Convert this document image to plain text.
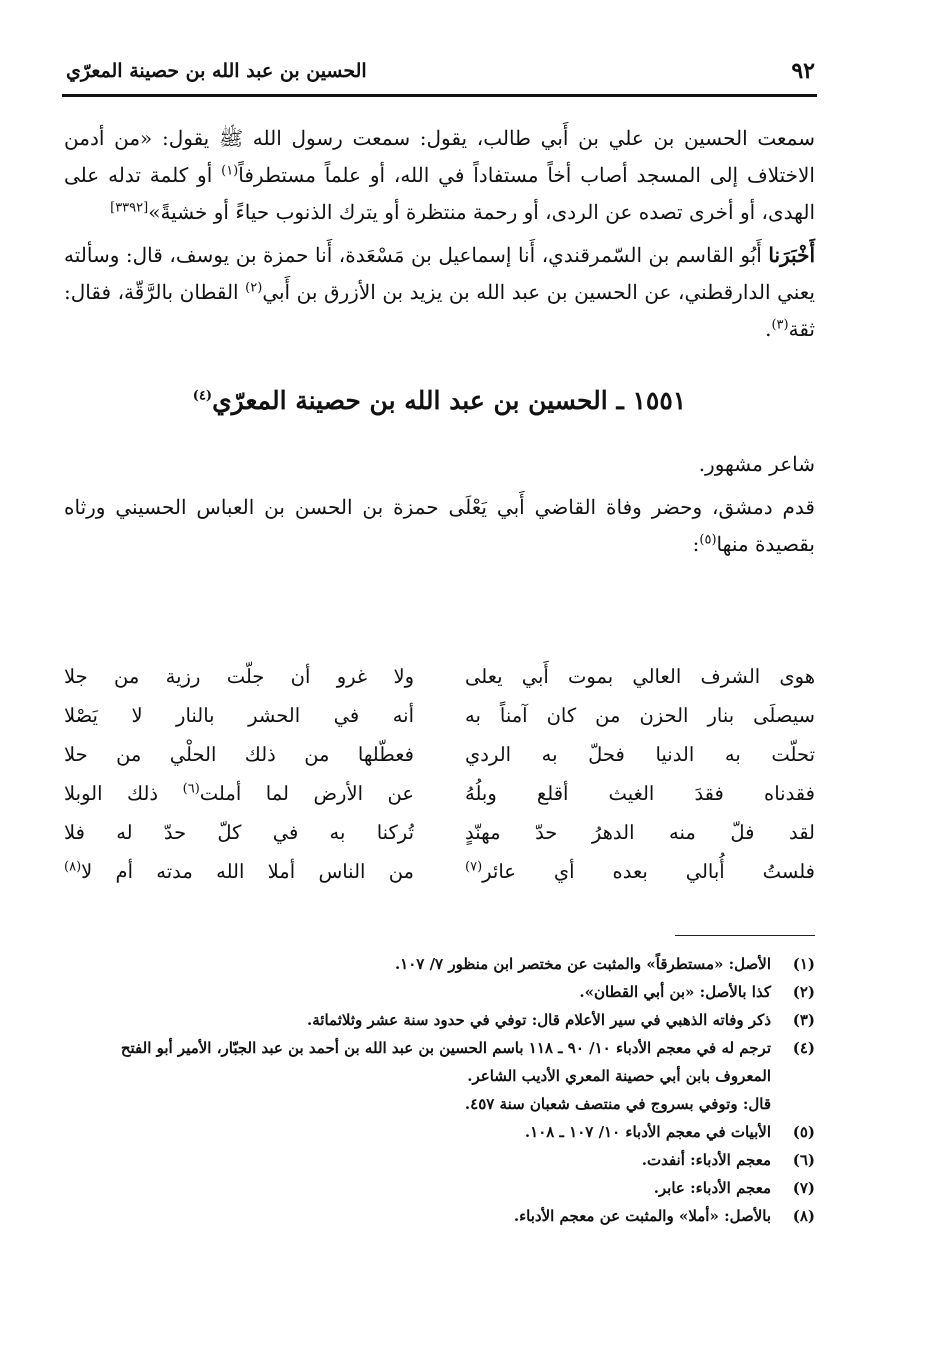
٩٢
الحسين بن عبد الله بن حصينة المعرّي

سمعت الحسين بن علي بن أَبي طالب، يقول: سمعت رسول الله ﷺ يقول: «من أدمن الاختلاف إلى المسجد أصاب أخاً مستفاداً في الله، أو علماً مستطرفاً$^{(١)}$ أو كلمة تدله على الهدى، أو أخرى تصده عن الردى، أو رحمة منتظرة أو يترك الذنوب حياءً أو خشيةً»[٣٣٩٢]

أَخْبَرَنا أَبُو القاسم بن السّمرقندي، أَنا إسماعيل بن مَسْعَدة، أَنا حمزة بن يوسف، قال: وسألته يعني الدارقطني، عن الحسين بن عبد الله بن يزيد بن الأزرق بن أَبي$^{(٢)}$ القطان بالرَّقّة، فقال: ثقة$^{(٣)}$.

١٥٥١ ـ الحسين بن عبد الله بن حصينة المعرّي$^{(٤)}$

شاعر مشهور.

قدم دمشق، وحضر وفاة القاضي أَبي يَعْلَى حمزة بن الحسن بن العباس الحسيني ورثاه بقصيدة منها$^{(٥)}$:

هوى الشرف العالي بموت أَبي يعلى
ولا غرو أن جلّت رزية من جلا
سيصلَى بنار الحزن من كان آمناً به
أنه في الحشر بالنار لا يَصْلا
تحلّت به الدنيا فحلّ به الردي
فعطّلها من ذلك الحلْي من حلا
فقدناه فقدَ الغيث أقلع وبلُهُ
عن الأرض لما أملت$^{(٦)}$ ذلك الوبلا
لقد فلّ منه الدهرُ حدّ مهنّدٍ
تُركنا به في كلّ حدّ له فلا
فلستُ أُبالي بعده أي عائر$^{(٧)}$
من الناس أملا الله مدته أم لا$^{(٨)}$
(١)
الأصل: «مستطرقاً» والمثبت عن مختصر ابن منظور ٧/ ١٠٧.
(٢)
كذا بالأصل: «بن أبي القطان».
(٣)
ذكر وفاته الذهبي في سير الأعلام قال: توفي في حدود سنة عشر وثلاثمائة.
(٤)
ترجم له في معجم الأدباء ١٠/ ٩٠ ـ ١١٨ باسم الحسين بن عبد الله بن أحمد بن عبد الجبّار، الأمير أبو الفتح المعروف بابن أبي حصينة المعري الأديب الشاعر.
قال: وتوفي بسروج في منتصف شعبان سنة ٤٥٧.
(٥)
الأبيات في معجم الأدباء ١٠/ ١٠٧ ـ ١٠٨.
(٦)
معجم الأدباء: أنفدت.
(٧)
معجم الأدباء: عابر.
(٨)
بالأصل: «أملا» والمثبت عن معجم الأدباء.
